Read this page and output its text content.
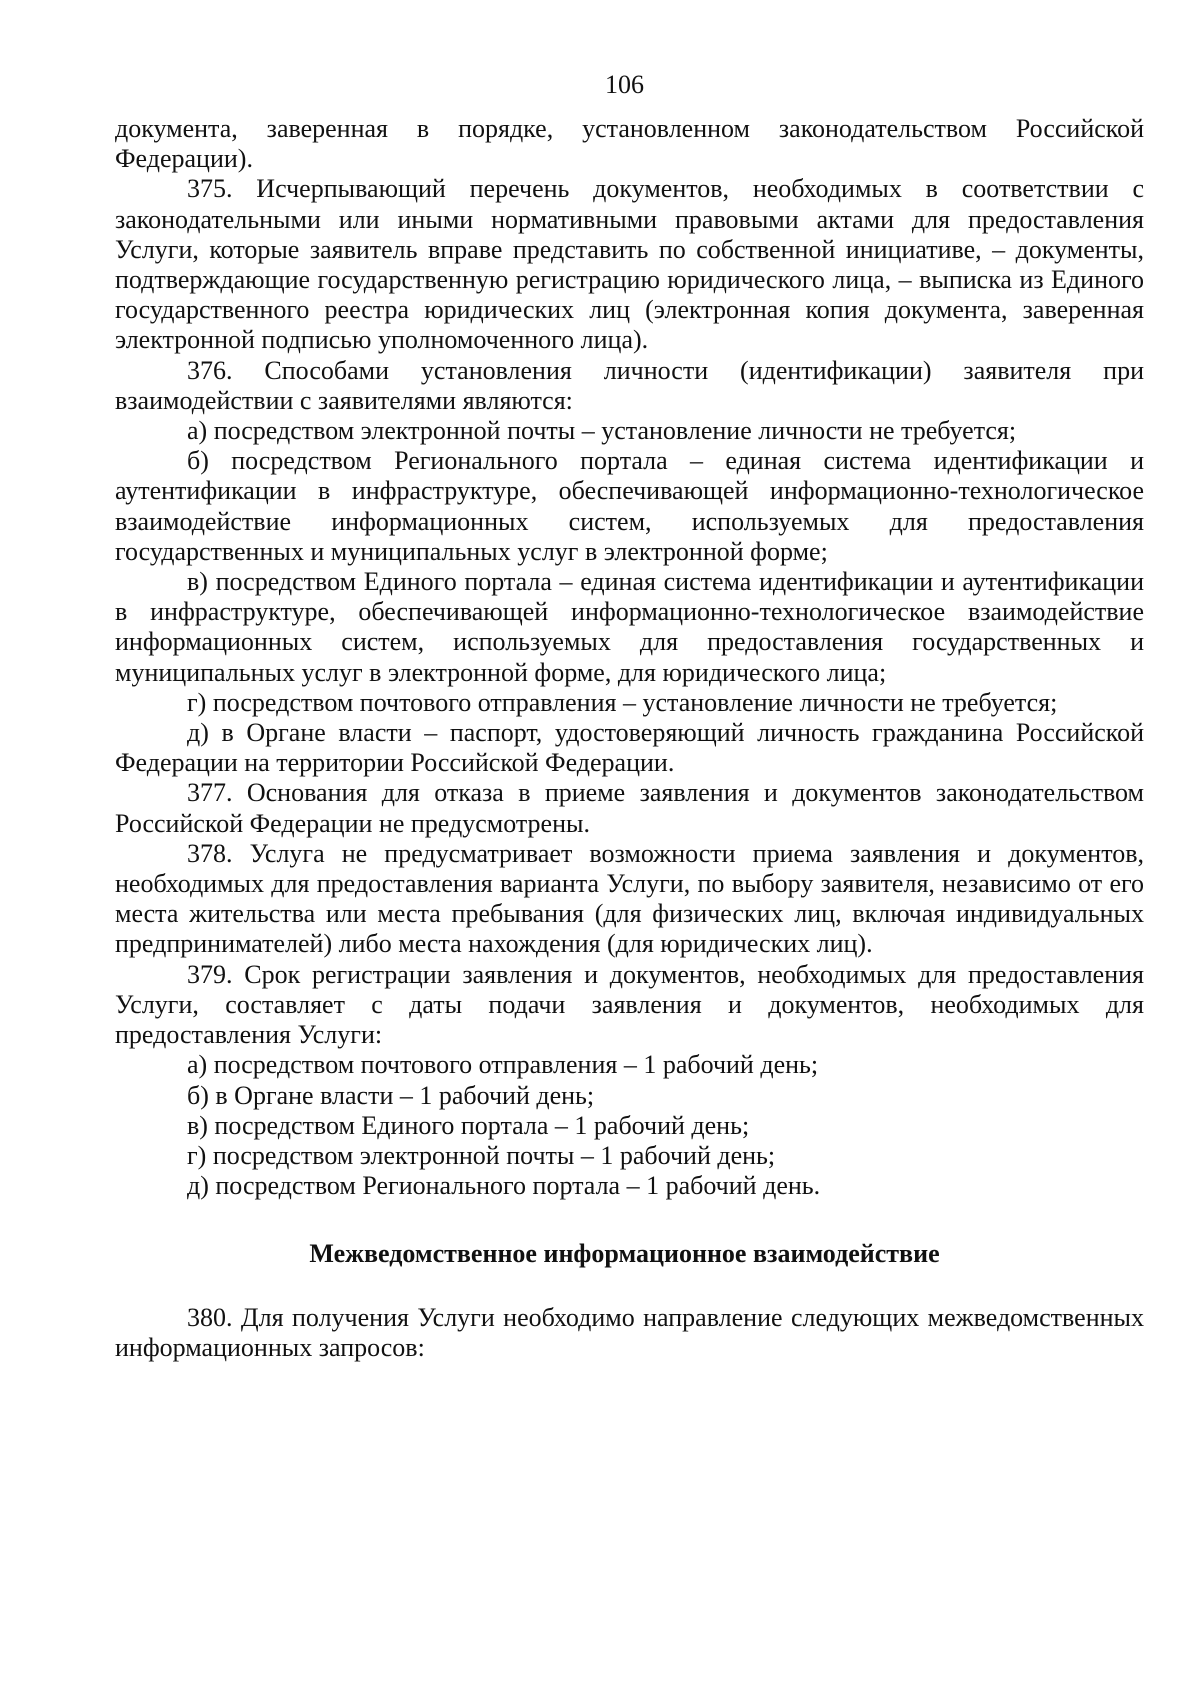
106

документа, заверенная в порядке, установленном законодательством Российской Федерации).

375. Исчерпывающий перечень документов, необходимых в соответствии с законодательными или иными нормативными правовыми актами для предоставления Услуги, которые заявитель вправе представить по собственной инициативе, – документы, подтверждающие государственную регистрацию юридического лица, – выписка из Единого государственного реестра юридических лиц (электронная копия документа, заверенная электронной подписью уполномоченного лица).

376. Способами установления личности (идентификации) заявителя при взаимодействии с заявителями являются:

а) посредством электронной почты – установление личности не требуется;

б) посредством Регионального портала – единая система идентификации и аутентификации в инфраструктуре, обеспечивающей информационно-технологическое взаимодействие информационных систем, используемых для предоставления государственных и муниципальных услуг в электронной форме;

в) посредством Единого портала – единая система идентификации и аутентификации в инфраструктуре, обеспечивающей информационно-технологическое взаимодействие информационных систем, используемых для предоставления государственных и муниципальных услуг в электронной форме, для юридического лица;

г) посредством почтового отправления – установление личности не требуется;

д) в Органе власти – паспорт, удостоверяющий личность гражданина Российской Федерации на территории Российской Федерации.

377. Основания для отказа в приеме заявления и документов законодательством Российской Федерации не предусмотрены.

378. Услуга не предусматривает возможности приема заявления и документов, необходимых для предоставления варианта Услуги, по выбору заявителя, независимо от его места жительства или места пребывания (для физических лиц, включая индивидуальных предпринимателей) либо места нахождения (для юридических лиц).

379. Срок регистрации заявления и документов, необходимых для предоставления Услуги, составляет с даты подачи заявления и документов, необходимых для предоставления Услуги:

а) посредством почтового отправления – 1 рабочий день;

б) в Органе власти – 1 рабочий день;

в) посредством Единого портала – 1 рабочий день;

г) посредством электронной почты – 1 рабочий день;

д) посредством Регионального портала – 1 рабочий день.

Межведомственное информационное взаимодействие

380. Для получения Услуги необходимо направление следующих межведомственных информационных запросов:
